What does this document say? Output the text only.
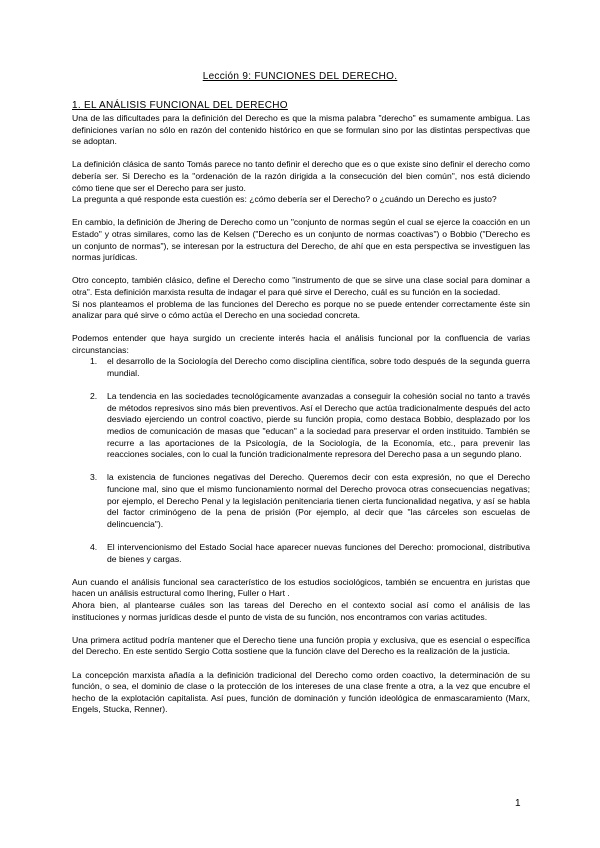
Lección 9: FUNCIONES DEL DERECHO.
1. EL ANÁLISIS FUNCIONAL DEL DERECHO

Una de las dificultades para la definición del Derecho es que la misma palabra "derecho" es sumamente ambigua. Las definiciones varían no sólo en razón del contenido histórico en que se formulan sino por las distintas perspectivas que se adoptan.

La definición clásica de santo Tomás parece no tanto definir el derecho que es o que existe sino definir el derecho como debería ser. Si Derecho es la "ordenación de la razón dirigida a la consecución del bien común", nos está diciendo cómo tiene que ser el Derecho para ser justo.

La pregunta a qué responde esta cuestión es: ¿cómo debería ser el Derecho? o ¿cuándo un Derecho es justo?

En cambio, la definición de Jhering de Derecho como un "conjunto de normas según el cual se ejerce la coacción en un Estado" y otras similares, como las de Kelsen ("Derecho es un conjunto de normas coactivas") o Bobbio ("Derecho es un conjunto de normas"), se interesan por la estructura del Derecho, de ahí que en esta perspectiva se investiguen las normas jurídicas.

Otro concepto, también clásico, define el Derecho como "instrumento de que se sirve una clase social para dominar a otra". Esta definición marxista resulta de indagar el para qué sirve el Derecho, cuál es su función en la sociedad.

Si nos planteamos el problema de las funciones del Derecho es porque no se puede entender correctamente éste sin analizar para qué sirve o cómo actúa el Derecho en una sociedad concreta.

Podemos entender que haya surgido un creciente interés hacia el análisis funcional por la confluencia de varias circunstancias:

1. el desarrollo de la Sociología del Derecho como disciplina científica, sobre todo después de la segunda guerra mundial.
2. La tendencia en las sociedades tecnológicamente avanzadas a conseguir la cohesión social no tanto a través de métodos represivos sino más bien preventivos. Así el Derecho que actúa tradicionalmente después del acto desviado ejerciendo un control coactivo, pierde su función propia, como destaca Bobbio, desplazado por los medios de comunicación de masas que "educan" a la sociedad para preservar el orden instituido. También se recurre a las aportaciones de la Psicología, de la Sociología, de la Economía, etc., para prevenir las reacciones sociales, con lo cual la función tradicionalmente represora del Derecho pasa a un segundo plano.
3. la existencia de funciones negativas del Derecho. Queremos decir con esta expresión, no que el Derecho funcione mal, sino que el mismo funcionamiento normal del Derecho provoca otras consecuencias negativas; por ejemplo, el Derecho Penal y la legislación penitenciaria tienen cierta funcionalidad negativa, y así se habla del factor criminógeno de la pena de prisión (Por ejemplo, al decir que "las cárceles son escuelas de delincuencia").
4. El intervencionismo del Estado Social hace aparecer nuevas funciones del Derecho: promocional, distributiva de bienes y cargas.

Aun cuando el análisis funcional sea característico de los estudios sociológicos, también se encuentra en juristas que hacen un análisis estructural como Ihering, Fuller o Hart .

Ahora bien, al plantearse cuáles son las tareas del Derecho en el contexto social así como el análisis de las instituciones y normas jurídicas desde el punto de vista de su función, nos encontramos con varias actitudes.

Una primera actitud podría mantener que el Derecho tiene una función propia y exclusiva, que es esencial o específica del Derecho. En este sentido Sergio Cotta sostiene que la función clave del Derecho es la realización de la justicia.

La concepción marxista añadía a la definición tradicional del Derecho como orden coactivo, la determinación de su función, o sea, el dominio de clase o la protección de los intereses de una clase frente a otra, a la vez que encubre el hecho de la explotación capitalista. Así pues, función de dominación y función ideológica de enmascaramiento (Marx, Engels, Stucka, Renner).

1
